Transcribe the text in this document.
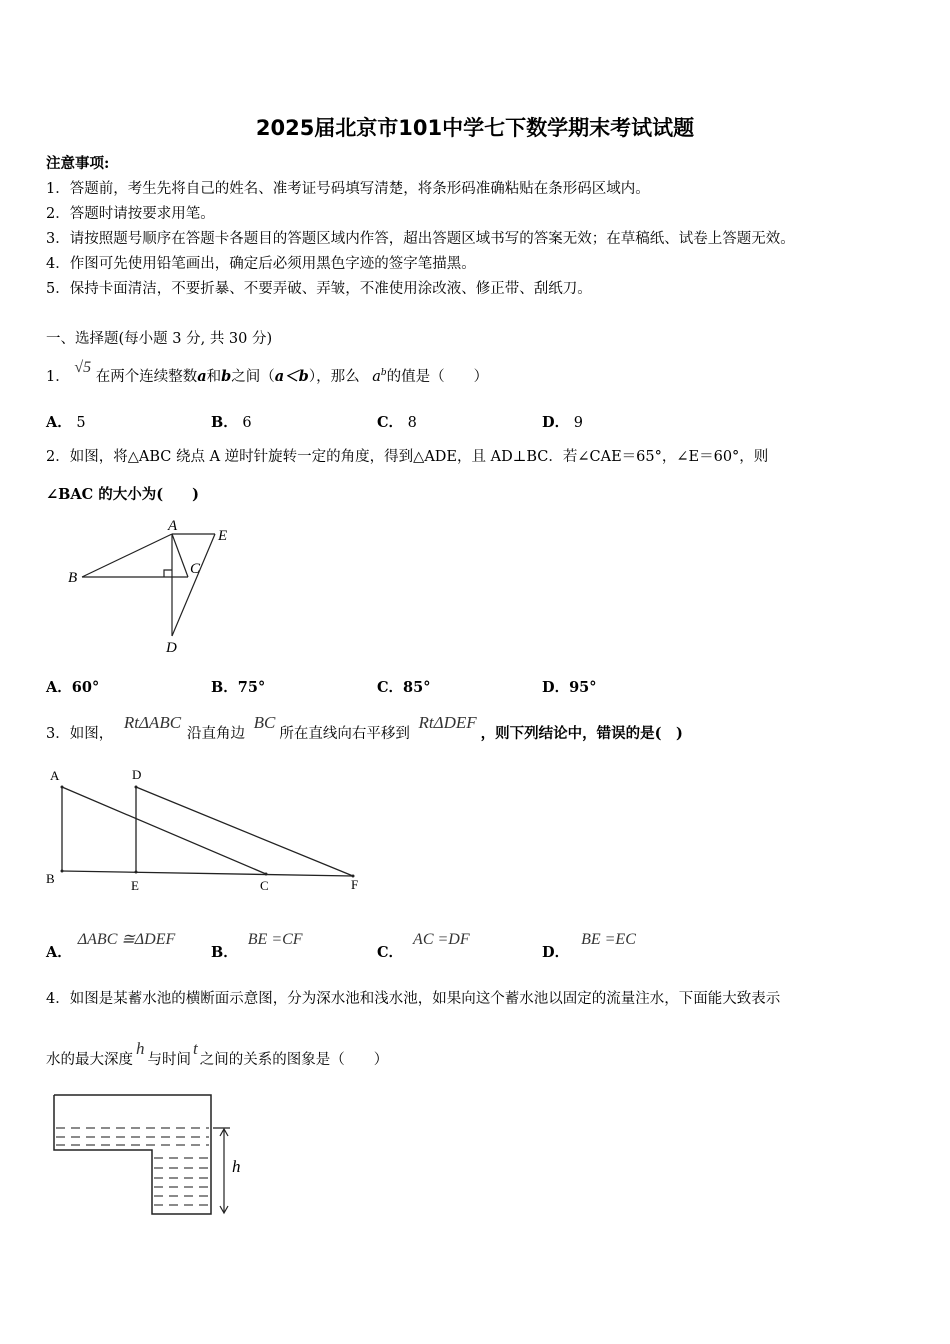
2025届北京市101中学七下数学期末考试试题
注意事项:
1．答题前，考生先将自己的姓名、准考证号码填写清楚，将条形码准确粘贴在条形码区域内。
2．答题时请按要求用笔。
3．请按照题号顺序在答题卡各题目的答题区域内作答，超出答题区域书写的答案无效；在草稿纸、试卷上答题无效。
4．作图可先使用铅笔画出，确定后必须用黑色字迹的签字笔描黑。
5．保持卡面清洁，不要折暴、不要弄破、弄皱，不准使用涂改液、修正带、刮纸刀。
一、选择题(每小题 3 分, 共 30 分)
1． √5 在两个连续整数a和b之间（a＜b），那么 $a^b$的值是（　　）
A． 5	B． 6	C． 8	D． 9
2．如图，将△ABC 绕点 A 逆时针旋转一定的角度，得到△ADE，且 AD⊥BC．若∠CAE＝65°，∠E＝60°，则
∠BAC 的大小为(　　)
A
B
C
D
E
A．60°	B．75°	C．85°	D．95°
3．如图， RtΔABC沿直角边 BC所在直线向右平移到 RtΔDEF，则下列结论中，错误的是(　)
A
B	C
D
E	F
A．ΔABC ≅ΔDEF
B．BE =CF
C．AC =DF
D．BE =EC
4．如图是某蓄水池的横断面示意图，分为深水池和浅水池，如果向这个蓄水池以固定的流量注水，下面能大致表示
水的最大深度h与时间t之间的关系的图象是（　　）
h
